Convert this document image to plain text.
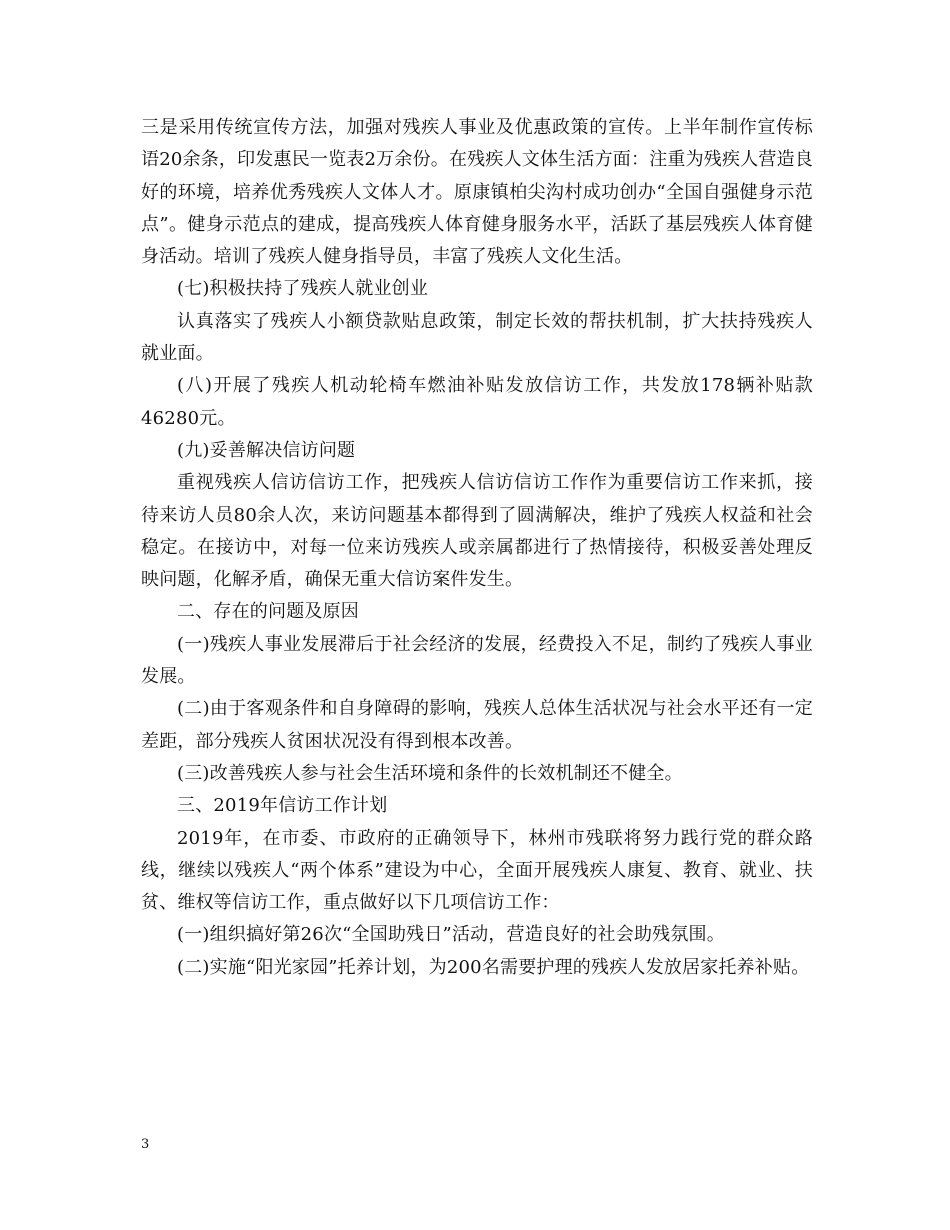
三是采用传统宣传方法，加强对残疾人事业及优惠政策的宣传。上半年制作宣传标语20余条，印发惠民一览表2万余份。在残疾人文体生活方面：注重为残疾人营造良好的环境，培养优秀残疾人文体人才。原康镇柏尖沟村成功创办“全国自强健身示范点”。健身示范点的建成，提高残疾人体育健身服务水平，活跃了基层残疾人体育健身活动。培训了残疾人健身指导员，丰富了残疾人文化生活。

(七)积极扶持了残疾人就业创业

认真落实了残疾人小额贷款贴息政策，制定长效的帮扶机制，扩大扶持残疾人就业面。

(八)开展了残疾人机动轮椅车燃油补贴发放信访工作，共发放178辆补贴款46280元。

(九)妥善解决信访问题

重视残疾人信访信访工作，把残疾人信访信访工作作为重要信访工作来抓，接待来访人员80余人次，来访问题基本都得到了圆满解决，维护了残疾人权益和社会稳定。在接访中，对每一位来访残疾人或亲属都进行了热情接待，积极妥善处理反映问题，化解矛盾，确保无重大信访案件发生。

二、存在的问题及原因

(一)残疾人事业发展滞后于社会经济的发展，经费投入不足，制约了残疾人事业发展。

(二)由于客观条件和自身障碍的影响，残疾人总体生活状况与社会水平还有一定差距，部分残疾人贫困状况没有得到根本改善。

(三)改善残疾人参与社会生活环境和条件的长效机制还不健全。

三、2019年信访工作计划

2019年，在市委、市政府的正确领导下，林州市残联将努力践行党的群众路线，继续以残疾人“两个体系”建设为中心，全面开展残疾人康复、教育、就业、扶贫、维权等信访工作，重点做好以下几项信访工作：

(一)组织搞好第26次“全国助残日”活动，营造良好的社会助残氛围。

(二)实施“阳光家园”托养计划，为200名需要护理的残疾人发放居家托养补贴。

3
